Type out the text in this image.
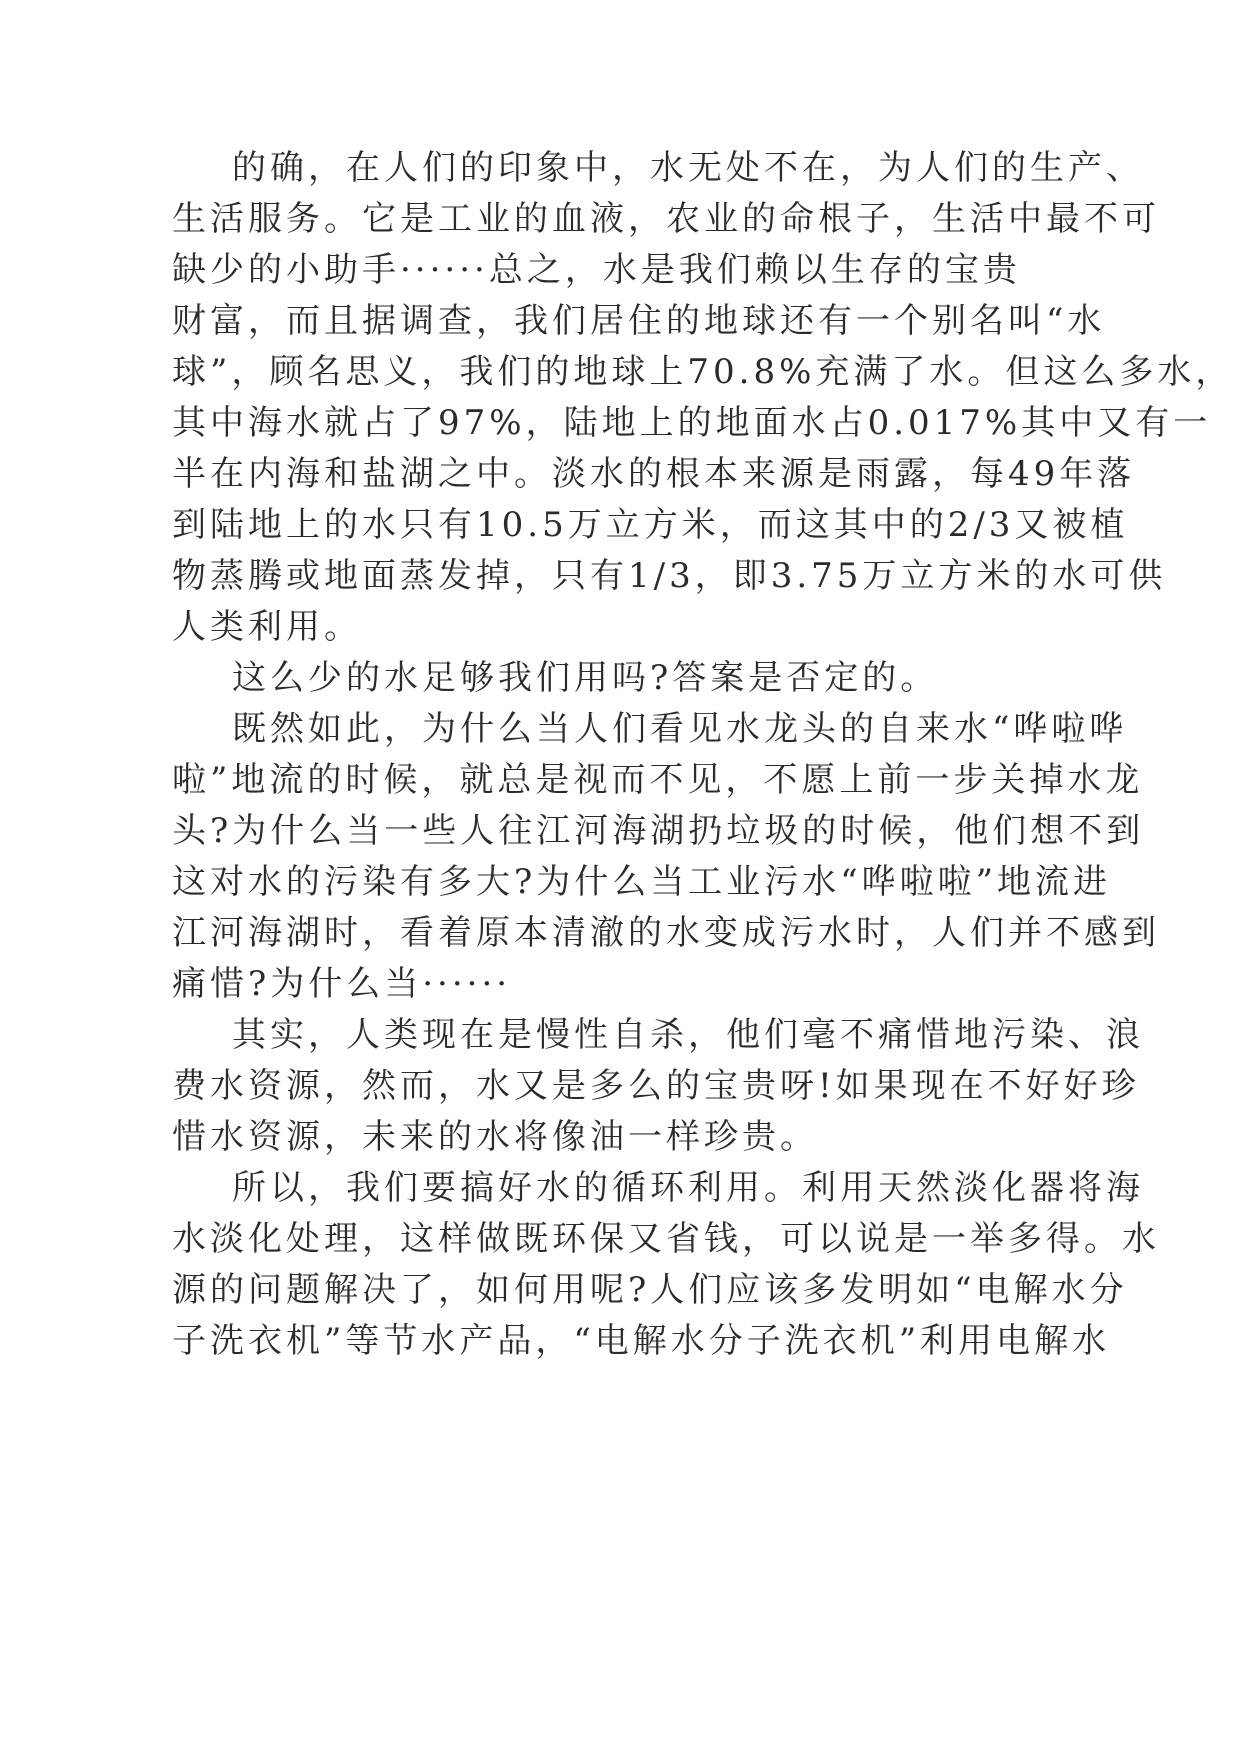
的确，在人们的印象中，水无处不在，为人们的生产、
生活服务。它是工业的血液，农业的命根子，生活中最不可
缺少的小助手······总之，水是我们赖以生存的宝贵
财富，而且据调查，我们居住的地球还有一个别名叫“水
球”，顾名思义，我们的地球上70.8%充满了水。但这么多水，
其中海水就占了97%，陆地上的地面水占0.017%其中又有一
半在内海和盐湖之中。淡水的根本来源是雨露，每49年落
到陆地上的水只有10.5万立方米，而这其中的2/3又被植
物蒸腾或地面蒸发掉，只有1/3，即3.75万立方米的水可供
人类利用。
这么少的水足够我们用吗?答案是否定的。
既然如此，为什么当人们看见水龙头的自来水“哗啦哗
啦”地流的时候，就总是视而不见，不愿上前一步关掉水龙
头?为什么当一些人往江河海湖扔垃圾的时候，他们想不到
这对水的污染有多大?为什么当工业污水“哗啦啦”地流进
江河海湖时，看着原本清澈的水变成污水时，人们并不感到
痛惜?为什么当······
其实，人类现在是慢性自杀，他们毫不痛惜地污染、浪
费水资源，然而，水又是多么的宝贵呀!如果现在不好好珍
惜水资源，未来的水将像油一样珍贵。
所以，我们要搞好水的循环利用。利用天然淡化器将海
水淡化处理，这样做既环保又省钱，可以说是一举多得。水
源的问题解决了，如何用呢?人们应该多发明如“电解水分
子洗衣机”等节水产品，“电解水分子洗衣机”利用电解水
